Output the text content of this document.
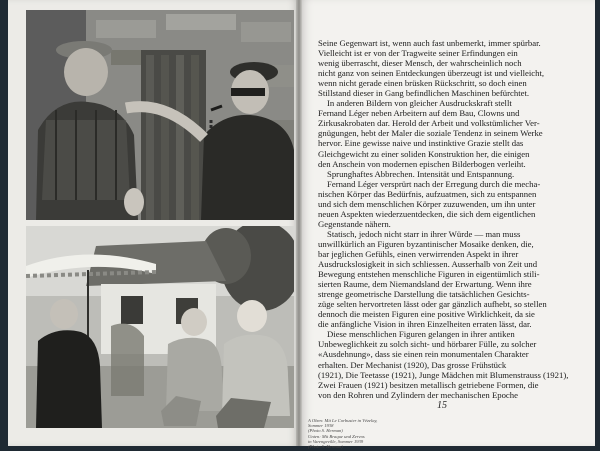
Seine Gegenwart ist, wenn auch fast unbemerkt, immer spürbar.
Vielleicht ist er von der Tragweite seiner Erfindungen ein
wenig überrascht, dieser Mensch, der wahrscheinlich noch
nicht ganz von seinen Entdeckungen überzeugt ist und vielleicht,
wenn nicht gerade einen brüsken Rückschritt, so doch einen
Stillstand dieser in Gang befindlichen Maschinen befürchtet.
In anderen Bildern von gleicher Ausdruckskraft stellt
Fernand Léger neben Arbeitern auf dem Bau, Clowns und
Zirkusakrobaten dar. Herold der Arbeit und volkstümlicher Ver-
gnügungen, hebt der Maler die soziale Tendenz in seinem Werke
hervor. Eine gewisse naive und instinktive Grazie stellt das
Gleichgewicht zu einer soliden Konstruktion her, die einigen
den Anschein von modernen epischen Bilderbogen verleiht.
Sprunghaftes Abbrechen. Intensität und Entspannung.
Fernand Léger versprürt nach der Erregung durch die mecha-
nischen Körper das Bedürfnis, aufzuatmen, sich zu entspannen
und sich dem menschlichen Körper zuzuwenden, um ihn unter
neuen Aspekten wiederzuentdecken, die sich dem eigentlichen
Gegenstande nähern.
Statisch, jedoch nicht starr in ihrer Würde — man muss
unwillkürlich an Figuren byzantinischer Mosaike denken, die,
bar jeglichen Gefühls, einen verwirrenden Aspekt in ihrer
Ausdruckslosigkeit in sich schliessen. Ausserhalb von Zeit und
Bewegung entstehen menschliche Figuren in eigentümlich stili-
sierten Raume, dem Niemandsland der Erwartung. Wenn ihre
strenge geometrische Darstellung die tatsächlichen Gesichts-
züge selten hervortreten lässt oder gar gänzlich aufhebt, so stellen
dennoch die meisten Figuren eine positive Wirklichkeit, da sie
die anfängliche Vision in ihren Einzelheiten erraten lässt, dar.
Diese menschlichen Figuren gelangen in ihrer antiken
Unbeweglichkeit zu solch sicht- und hörbarer Fülle, zu solcher
«Ausdehnung», dass sie einen rein monumentalen Charakter
erhalten. Der Mechanist (1920), Das grosse Frühstück
(1921), Die Teetasse (1921), Junge Mädchen mit Blumenstrauss (1921),
Zwei Frauen (1921) besitzen metallisch getriebene Formen, die
von den Rohren und Zylindern der mechanischen Epoche
15
A Oben: Mit Le Corbusier in Vézelay,
Sommer 1938
(Photo S. Herman)
Unten: Mit Braque und Zervos
in Varengeville, Sommer 1939
(Photo S. Herman)
